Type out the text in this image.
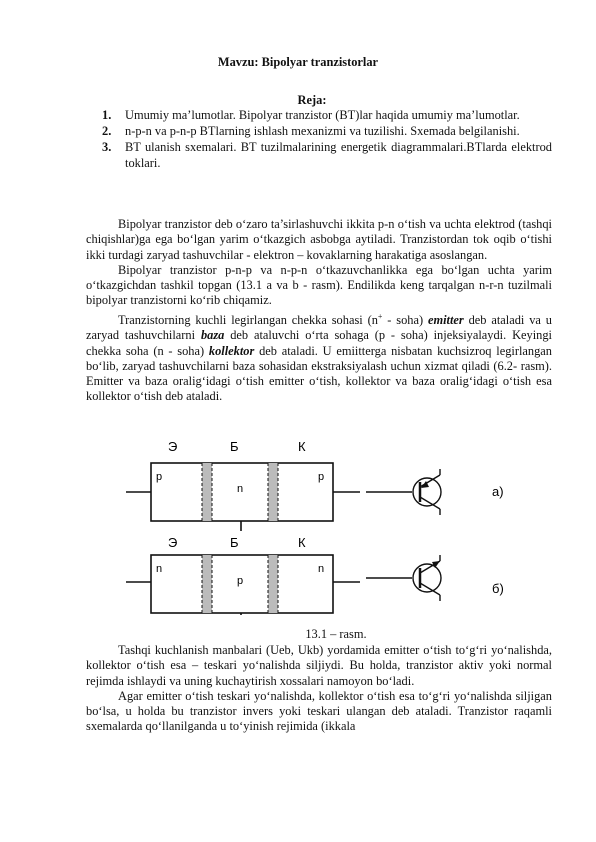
Mavzu: Bipolyar tranzistorlar
Reja:
1. Umumiy ma’lumotlar. Bipolyar tranzistor (BT)lar haqida umumiy ma’lumotlar.
2. n-p-n va p-n-p BTlarning ishlash mexanizmi va tuzilishi. Sxemada belgilanishi.
3. BT ulanish sxemalari. BT tuzilmalarining energetik diagrammalari.BTlarda elektrod toklari.

Bipolyar tranzistor deb o‘zaro ta’sirlashuvchi ikkita p-n o‘tish va uchta elektrod (tashqi chiqishlar)ga ega bo‘lgan yarim o‘tkazgich asbobga aytiladi. Tranzistordan tok oqib o‘tishi ikki turdagi zaryad tashuvchilar - elektron – kovaklarning harakatiga asoslangan.

Bipolyar tranzistor p-n-p va n-p-n o‘tkazuvchanlikka ega bo‘lgan uchta yarim o‘tkazgichdan tashkil topgan (13.1 a va b - rasm). Endilikda keng tarqalgan n-r-n tuzilmali bipolyar tranzistorni ko‘rib chiqamiz.

Tranzistorning kuchli legirlangan chekka sohasi (n+ - soha) emitter deb ataladi va u zaryad tashuvchilarni baza deb ataluvchi o‘rta sohaga (p - soha) injeksiyalaydi. Keyingi chekka soha (n - soha) kollektor deb ataladi. U emiitterga nisbatan kuchsizroq legirlangan bo‘lib, zaryad tashuvchilarni baza sohasidan ekstraksiyalash uchun xizmat qiladi (6.2- rasm). Emitter va baza oralig‘idagi o‘tish emitter o‘tish, kollektor va baza oralig‘idagi o‘tish esa kollektor o‘tish deb ataladi.

Э	Б	К
p
n
p
a)
Э	Б	К
n
p
n
б)
13.1 – rasm.

Tashqi kuchlanish manbalari (Ueb, Ukb) yordamida emitter o‘tish to‘g‘ri yo‘nalishda, kollektor o‘tish esa – teskari yo‘nalishda siljiydi. Bu holda, tranzistor aktiv yoki normal rejimda ishlaydi va uning kuchaytirish xossalari namoyon bo‘ladi.

Agar emitter o‘tish teskari yo‘nalishda, kollektor o‘tish esa to‘g‘ri yo‘nalishda siljigan bo‘lsa, u holda bu tranzistor invers yoki teskari ulangan deb ataladi. Tranzistor raqamli sxemalarda qo‘llanilganda u to‘yinish rejimida (ikkala
